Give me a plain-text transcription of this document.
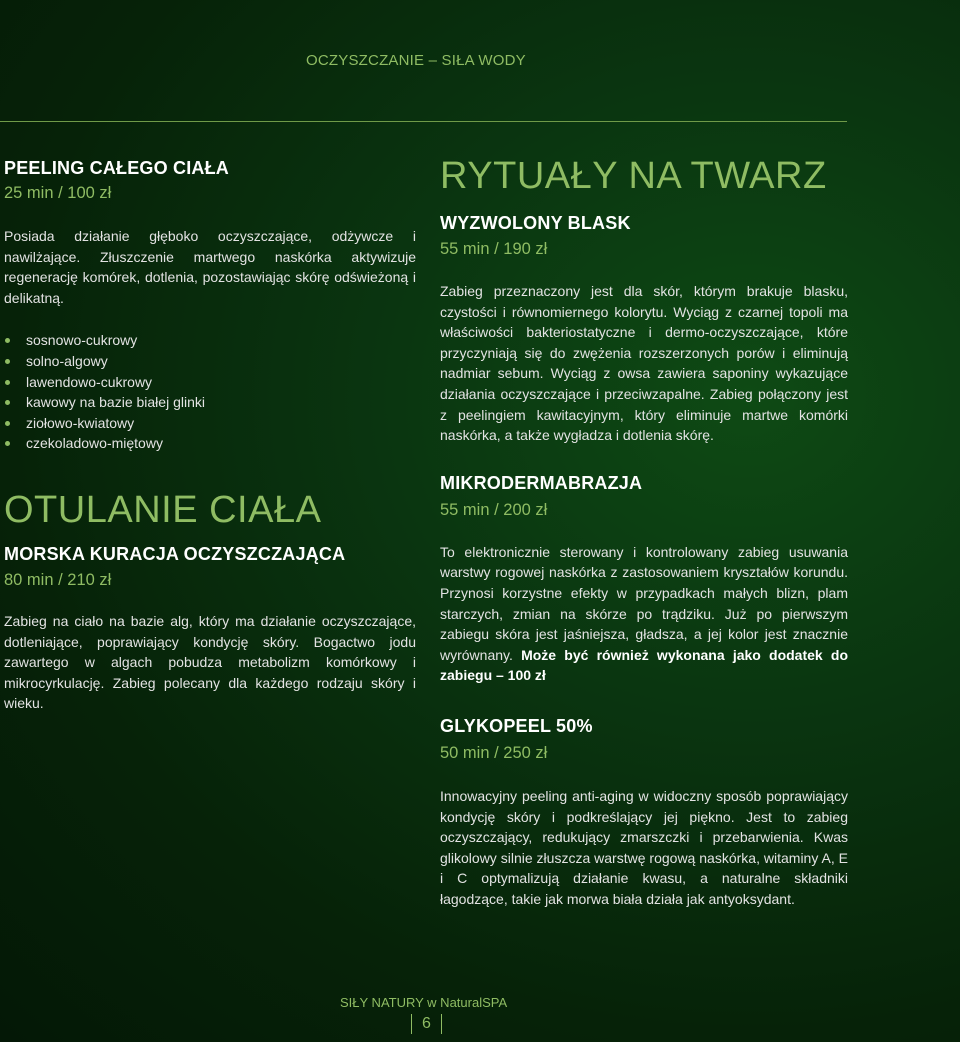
OCZYSZCZANIE – SIŁA WODY

PEELING CAŁEGO CIAŁA

25 min / 100 zł

Posiada działanie głęboko oczyszczające, odżywcze i nawilżające. Złuszczenie martwego naskórka aktywizuje regenerację komórek, dotlenia, pozostawiając skórę odświeżoną i delikatną.

sosnowo-cukrowy
solno-algowy
lawendowo-cukrowy
kawowy na bazie białej glinki
ziołowo-kwiatowy
czekoladowo-miętowy
OTULANIE CIAŁA

MORSKA KURACJA OCZYSZCZAJĄCA

80 min / 210 zł

Zabieg na ciało na bazie alg, który ma działanie oczyszczające, dotleniające, poprawiający kondycję skóry. Bogactwo jodu zawartego w algach pobudza metabolizm komórkowy i mikrocyrkulację. Zabieg polecany dla każdego rodzaju skóry i wieku.

RYTUAŁY NA TWARZ

WYZWOLONY BLASK

55 min / 190 zł

Zabieg przeznaczony jest dla skór, którym brakuje blasku, czystości i równomiernego kolorytu. Wyciąg z czarnej topoli ma właściwości bakteriostatyczne i dermo-oczyszczające, które przyczyniają się do zwężenia rozszerzonych porów i eliminują nadmiar sebum. Wyciąg z owsa zawiera saponiny wykazujące działania oczyszczające i przeciwzapalne. Zabieg połączony jest z peelingiem kawitacyjnym, który eliminuje martwe komórki naskórka, a także wygładza i dotlenia skórę.

MIKRODERMABRAZJA

55 min / 200 zł

To elektronicznie sterowany i kontrolowany zabieg usuwania warstwy rogowej naskórka z zastosowaniem kryształów korundu. Przynosi korzystne efekty w przypadkach małych blizn, plam starczych, zmian na skórze po trądziku. Już po pierwszym zabiegu skóra jest jaśniejsza, gładsza, a jej kolor jest znacznie wyrównany. Może być również wykonana jako dodatek do zabiegu – 100 zł

GLYKOPEEL 50%

50 min / 250 zł

Innowacyjny peeling anti-aging w widoczny sposób poprawiający kondycję skóry i podkreślający jej piękno. Jest to zabieg oczyszczający, redukujący zmarszczki i przebarwienia. Kwas glikolowy silnie złuszcza warstwę rogową naskórka, witaminy A, E i C optymalizują działanie kwasu, a naturalne składniki łagodzące, takie jak morwa biała działa jak antyoksydant.

SIŁY NATURY w NaturalSPA
6
